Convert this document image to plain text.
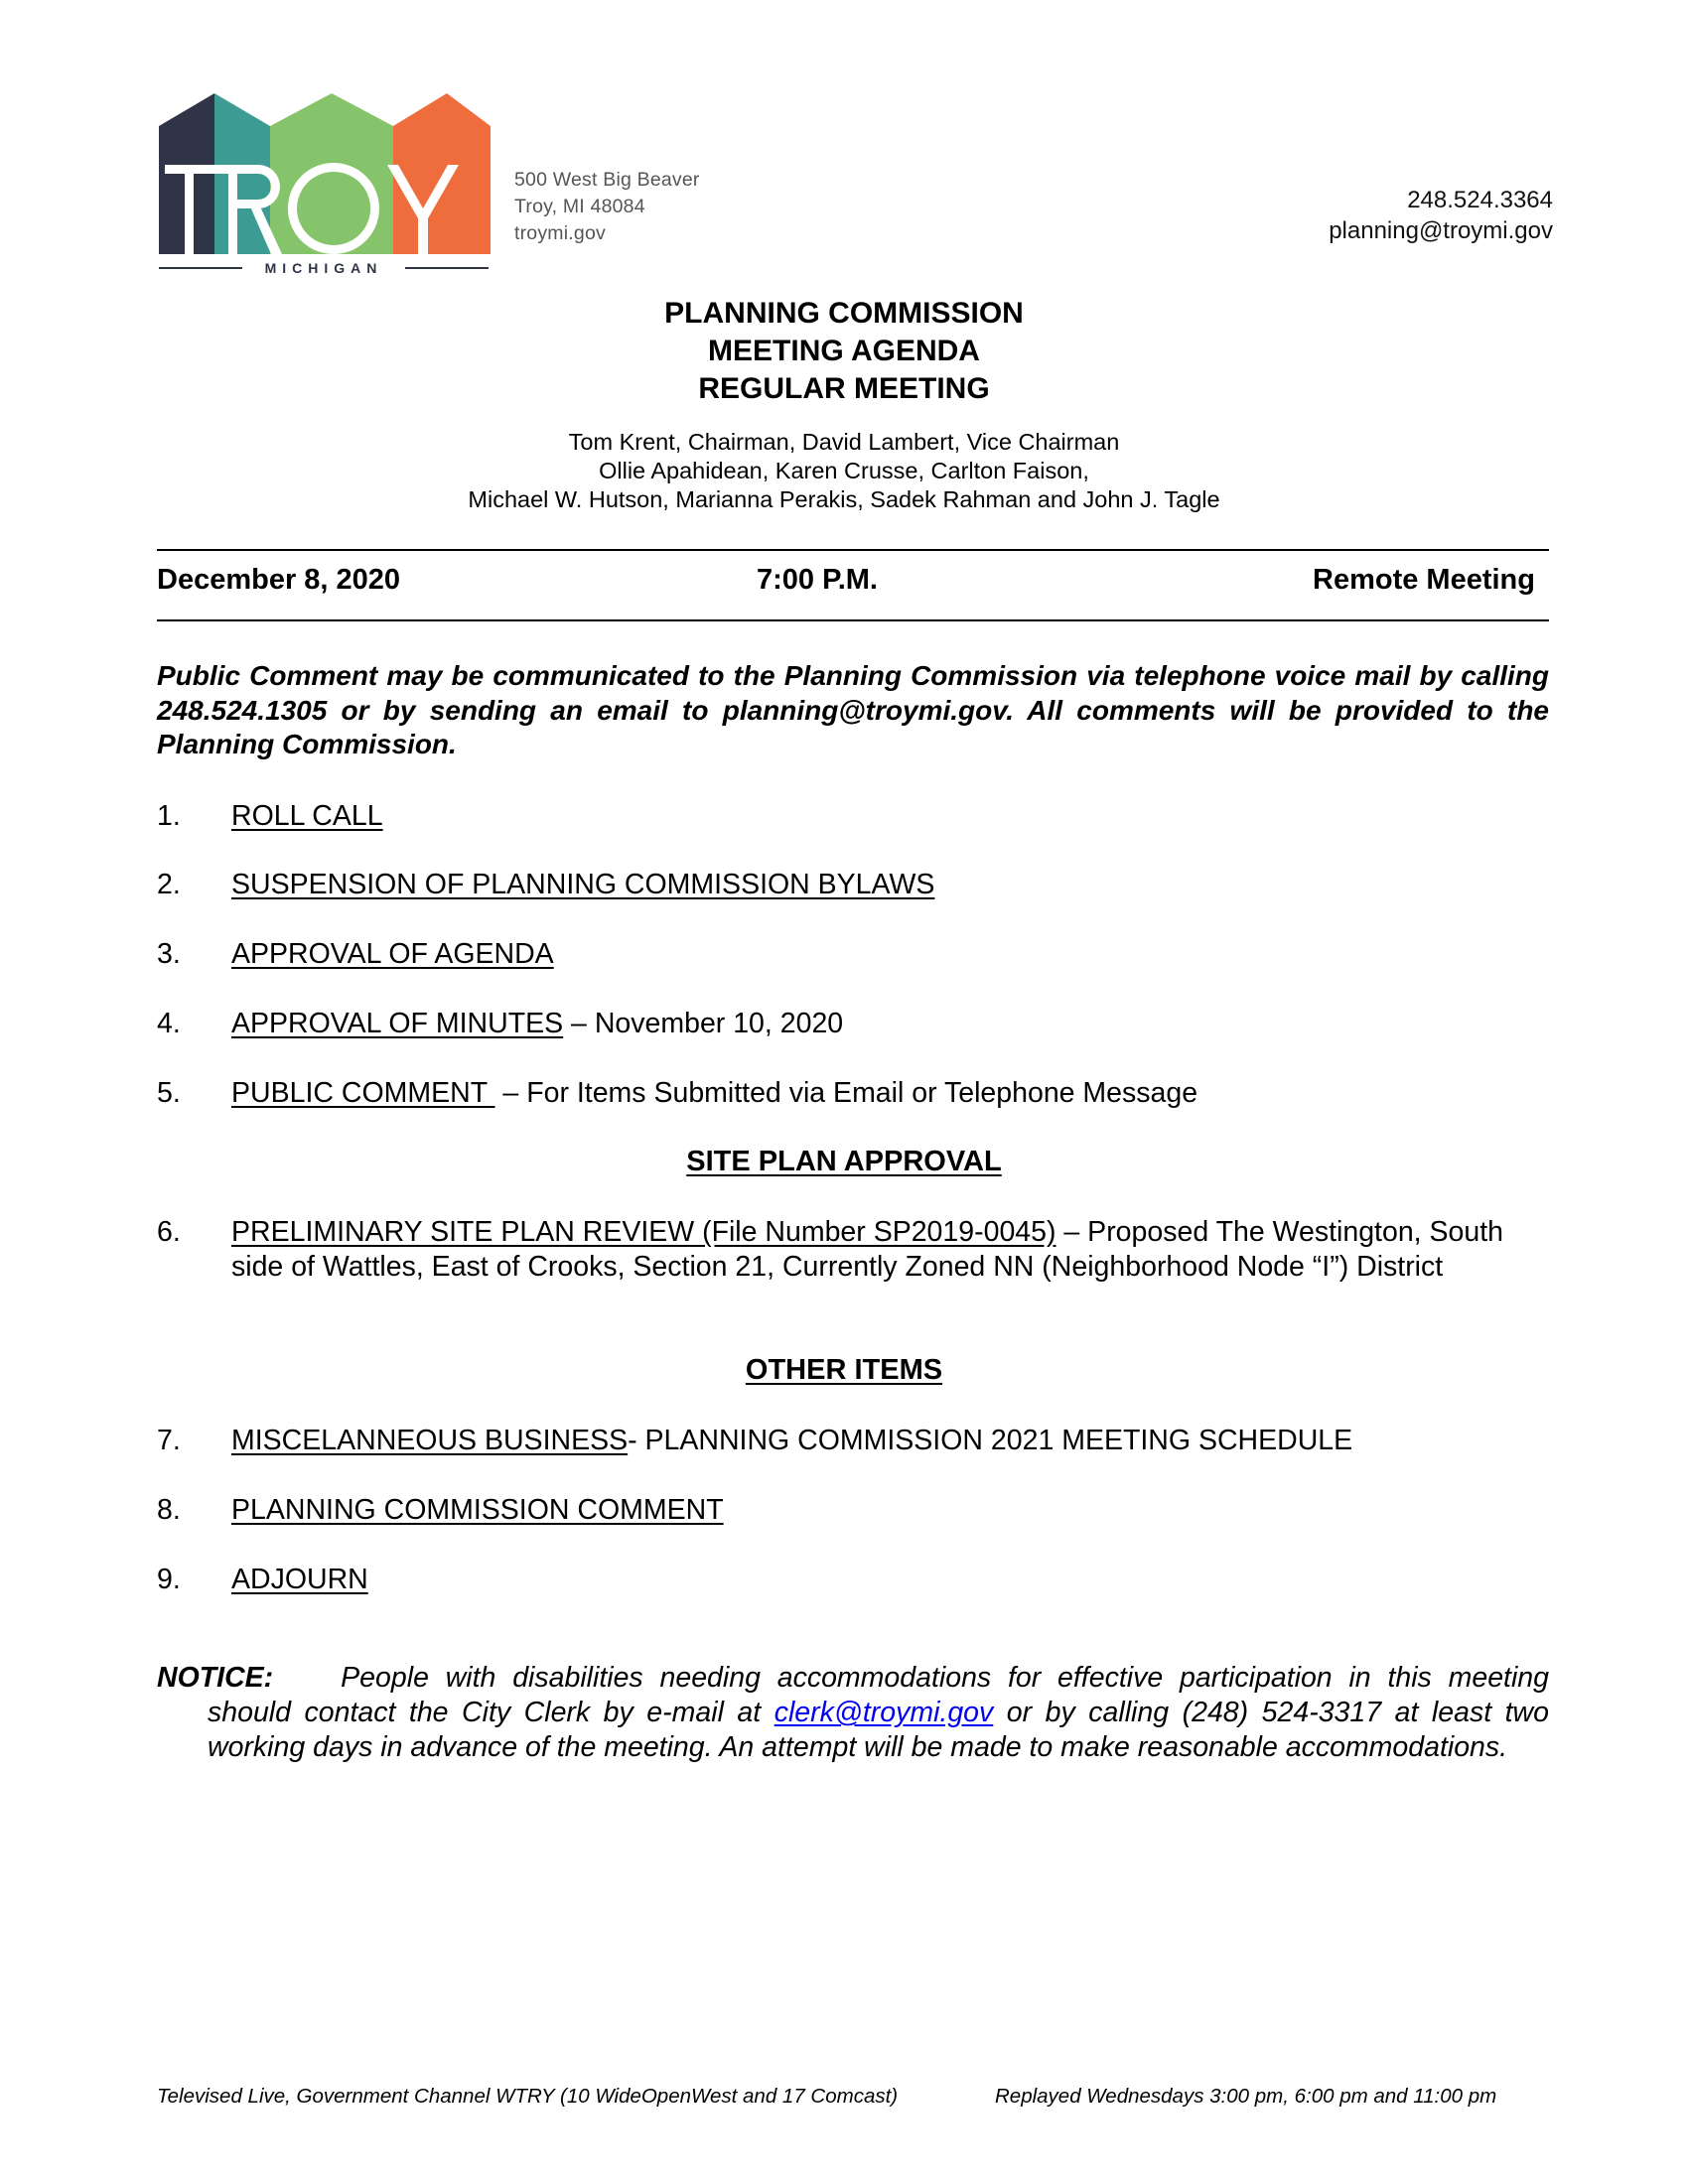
MICHIGAN
500 West Big Beaver
Troy, MI 48084
troymi.gov
248.524.3364
planning@troymi.gov
PLANNING COMMISSION
MEETING AGENDA
REGULAR MEETING
Tom Krent, Chairman, David Lambert, Vice Chairman
Ollie Apahidean, Karen Crusse, Carlton Faison,
Michael W. Hutson, Marianna Perakis, Sadek Rahman and John J. Tagle
December 8, 2020	7:00 P.M.	Remote Meeting
Public Comment may be communicated to the Planning Commission via telephone voice mail by calling 248.524.1305 or by sending an email to planning@troymi.gov. All comments will be provided to the Planning Commission.
1. ROLL CALL
2. SUSPENSION OF PLANNING COMMISSION BYLAWS
3. APPROVAL OF AGENDA
4. APPROVAL OF MINUTES – November 10, 2020
5. PUBLIC COMMENT  – For Items Submitted via Email or Telephone Message
SITE PLAN APPROVAL
6. PRELIMINARY SITE PLAN REVIEW (File Number SP2019-0045) – Proposed The Westington, South side of Wattles, East of Crooks, Section 21, Currently Zoned NN (Neighborhood Node “I”) District
OTHER ITEMS
7. MISCELANNEOUS BUSINESS- PLANNING COMMISSION 2021 MEETING SCHEDULE
8. PLANNING COMMISSION COMMENT
9. ADJOURN
NOTICE: People with disabilities needing accommodations for effective participation in this meeting
should contact the City Clerk by e-mail at clerk@troymi.gov or by calling (248) 524-3317 at least two working days in advance of the meeting. An attempt will be made to make reasonable accommodations.
Televised Live, Government Channel WTRY (10 WideOpenWest and 17 Comcast)	Replayed Wednesdays 3:00 pm, 6:00 pm and 11:00 pm
